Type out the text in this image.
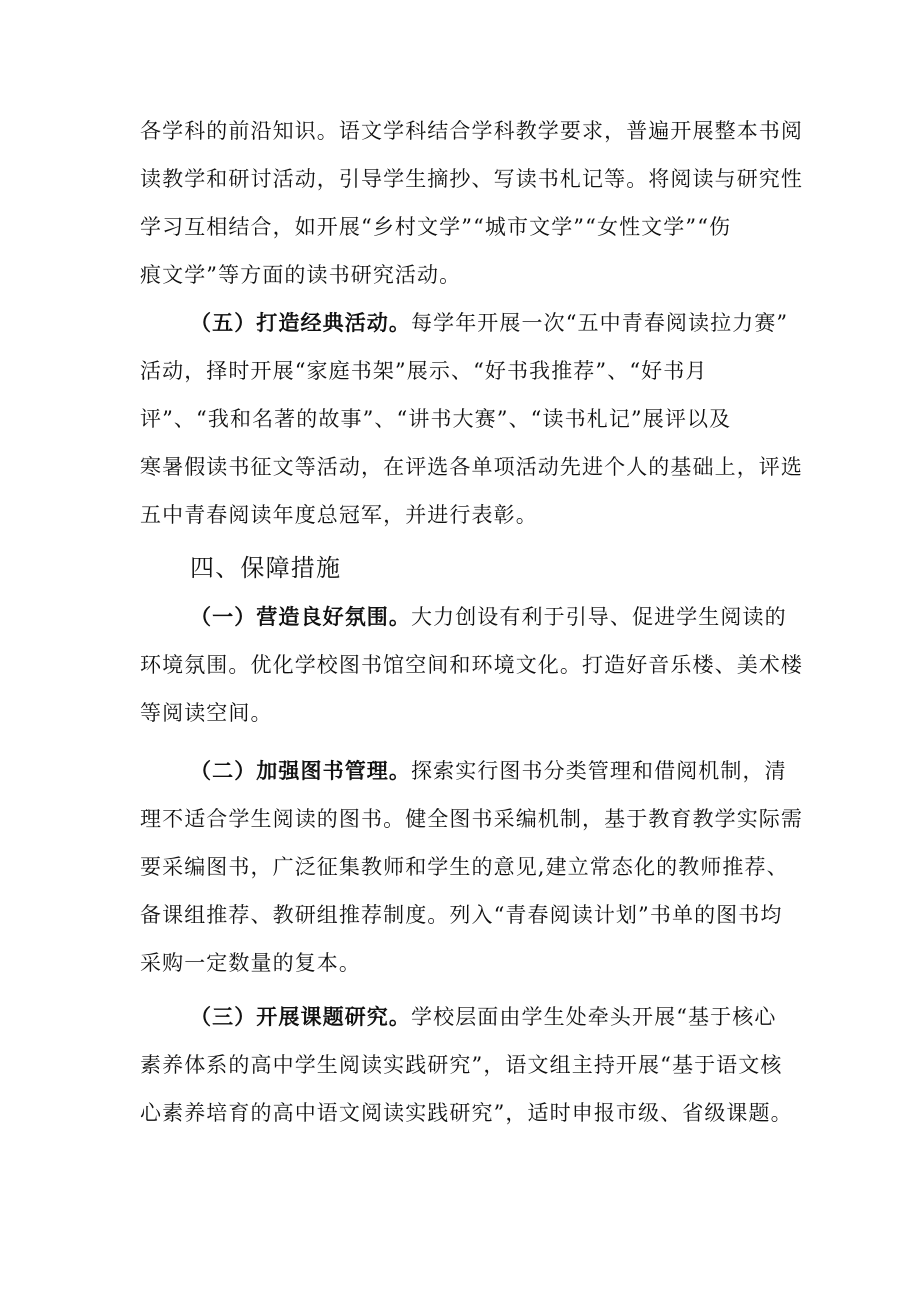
各学科的前沿知识。语文学科结合学科教学要求，普遍开展整本书阅
读教学和研讨活动，引导学生摘抄、写读书札记等。将阅读与研究性
学习互相结合，如开展“乡村文学”“城市文学”“女性文学”“伤
痕文学”等方面的读书研究活动。
（五）打造经典活动。每学年开展一次“五中青春阅读拉力赛”
活动，择时开展“家庭书架”展示、“好书我推荐”、“好书月
评”、“我和名著的故事”、“讲书大赛”、“读书札记”展评以及
寒暑假读书征文等活动，在评选各单项活动先进个人的基础上，评选
五中青春阅读年度总冠军，并进行表彰。
四、保障措施
（一）营造良好氛围。大力创设有利于引导、促进学生阅读的
环境氛围。优化学校图书馆空间和环境文化。打造好音乐楼、美术楼
等阅读空间。
（二）加强图书管理。探索实行图书分类管理和借阅机制，清
理不适合学生阅读的图书。健全图书采编机制，基于教育教学实际需
要采编图书，广泛征集教师和学生的意见,建立常态化的教师推荐、
备课组推荐、教研组推荐制度。列入“青春阅读计划”书单的图书均
采购一定数量的复本。
（三）开展课题研究。学校层面由学生处牵头开展“基于核心
素养体系的高中学生阅读实践研究”，语文组主持开展“基于语文核
心素养培育的高中语文阅读实践研究”，适时申报市级、省级课题。
